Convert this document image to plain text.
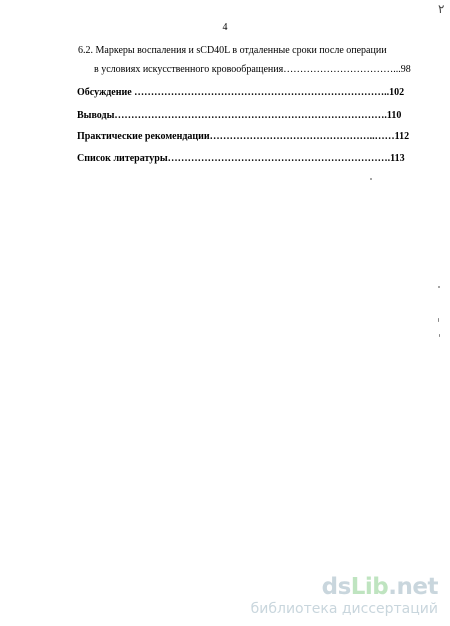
4
٢
6.2. Маркеры воспаления и sCD40L в отдаленные сроки после операции
в условиях искусственного кровообращения……………………………...98
Обсуждение …………………………………………………………………..102
Выводы……………………………………………………………………….110
Практические рекомендации…………………………………………..……112
Список литературы………………………………………………………….113
dsLib.net
библиотека диссертаций
